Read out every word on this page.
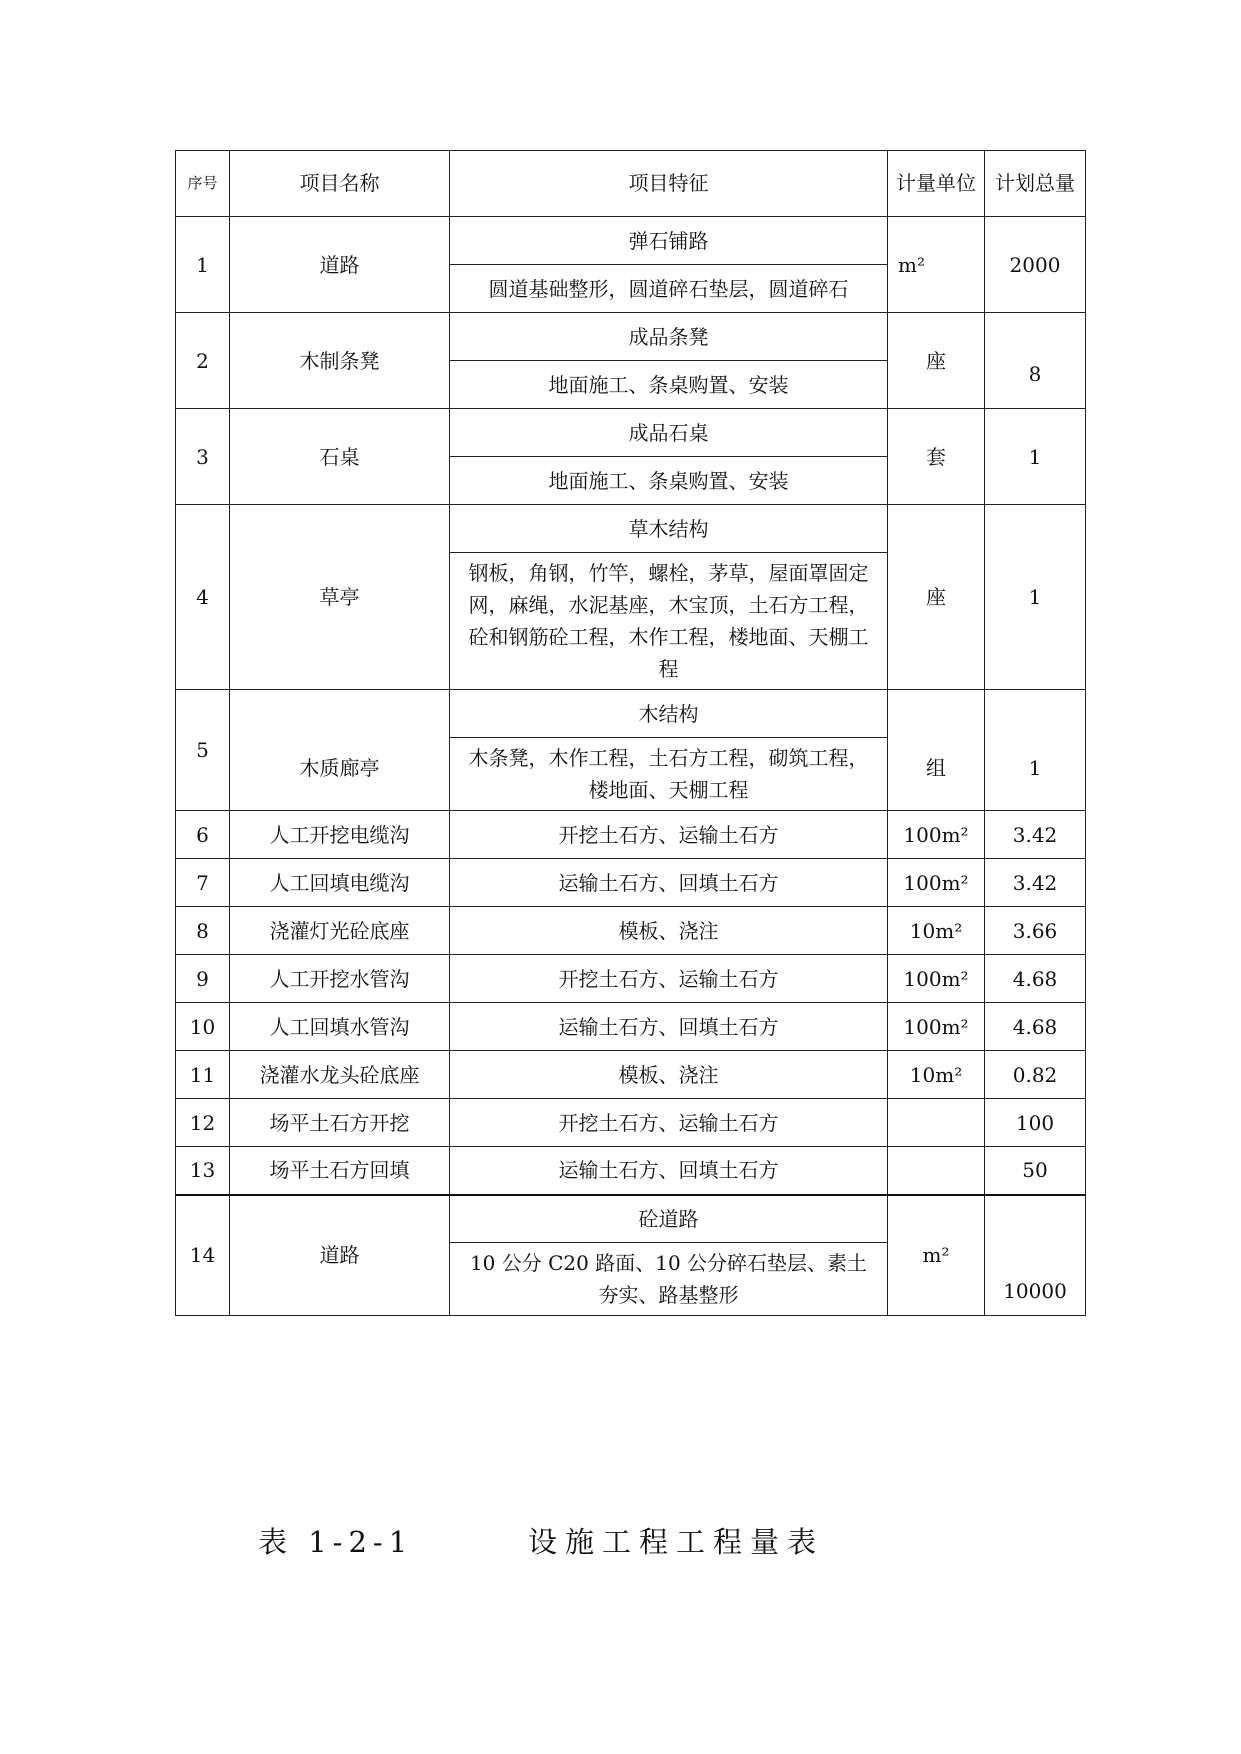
序号	项目名称	项目特征	计量单位	计划总量
1	道路	弹石铺路	m²	2000
		圆道基础整形，圆道碎石垫层，圆道碎石		
2	木制条凳	成品条凳	座	8
		地面施工、条桌购置、安装		
3	石桌	成品石桌	套	1
		地面施工、条桌购置、安装		
4	草亭	草木结构	座	1
		钢板，角钢，竹竿，螺栓，茅草，屋面罩固定网，麻绳，水泥基座，木宝顶，土石方工程，砼和钢筋砼工程，木作工程，楼地面、天棚工程		
5	木质廊亭	木结构	组	1
		木条凳，木作工程，土石方工程，砌筑工程，楼地面、天棚工程		
6	人工开挖电缆沟	开挖土石方、运输土石方	100m²	3.42
7	人工回填电缆沟	运输土石方、回填土石方	100m²	3.42
8	浇灌灯光砼底座	模板、浇注	10m²	3.66
9	人工开挖水管沟	开挖土石方、运输土石方	100m²	4.68
10	人工回填水管沟	运输土石方、回填土石方	100m²	4.68
11	浇灌水龙头砼底座	模板、浇注	10m²	0.82
12	场平土石方开挖	开挖土石方、运输土石方		100
13	场平土石方回填	运输土石方、回填土石方		50
14	道路	砼道路	m²	10000
		10 公分 C20 路面、10 公分碎石垫层、素土夯实、路基整形		
表 1-2-1	设施工程工程量表
